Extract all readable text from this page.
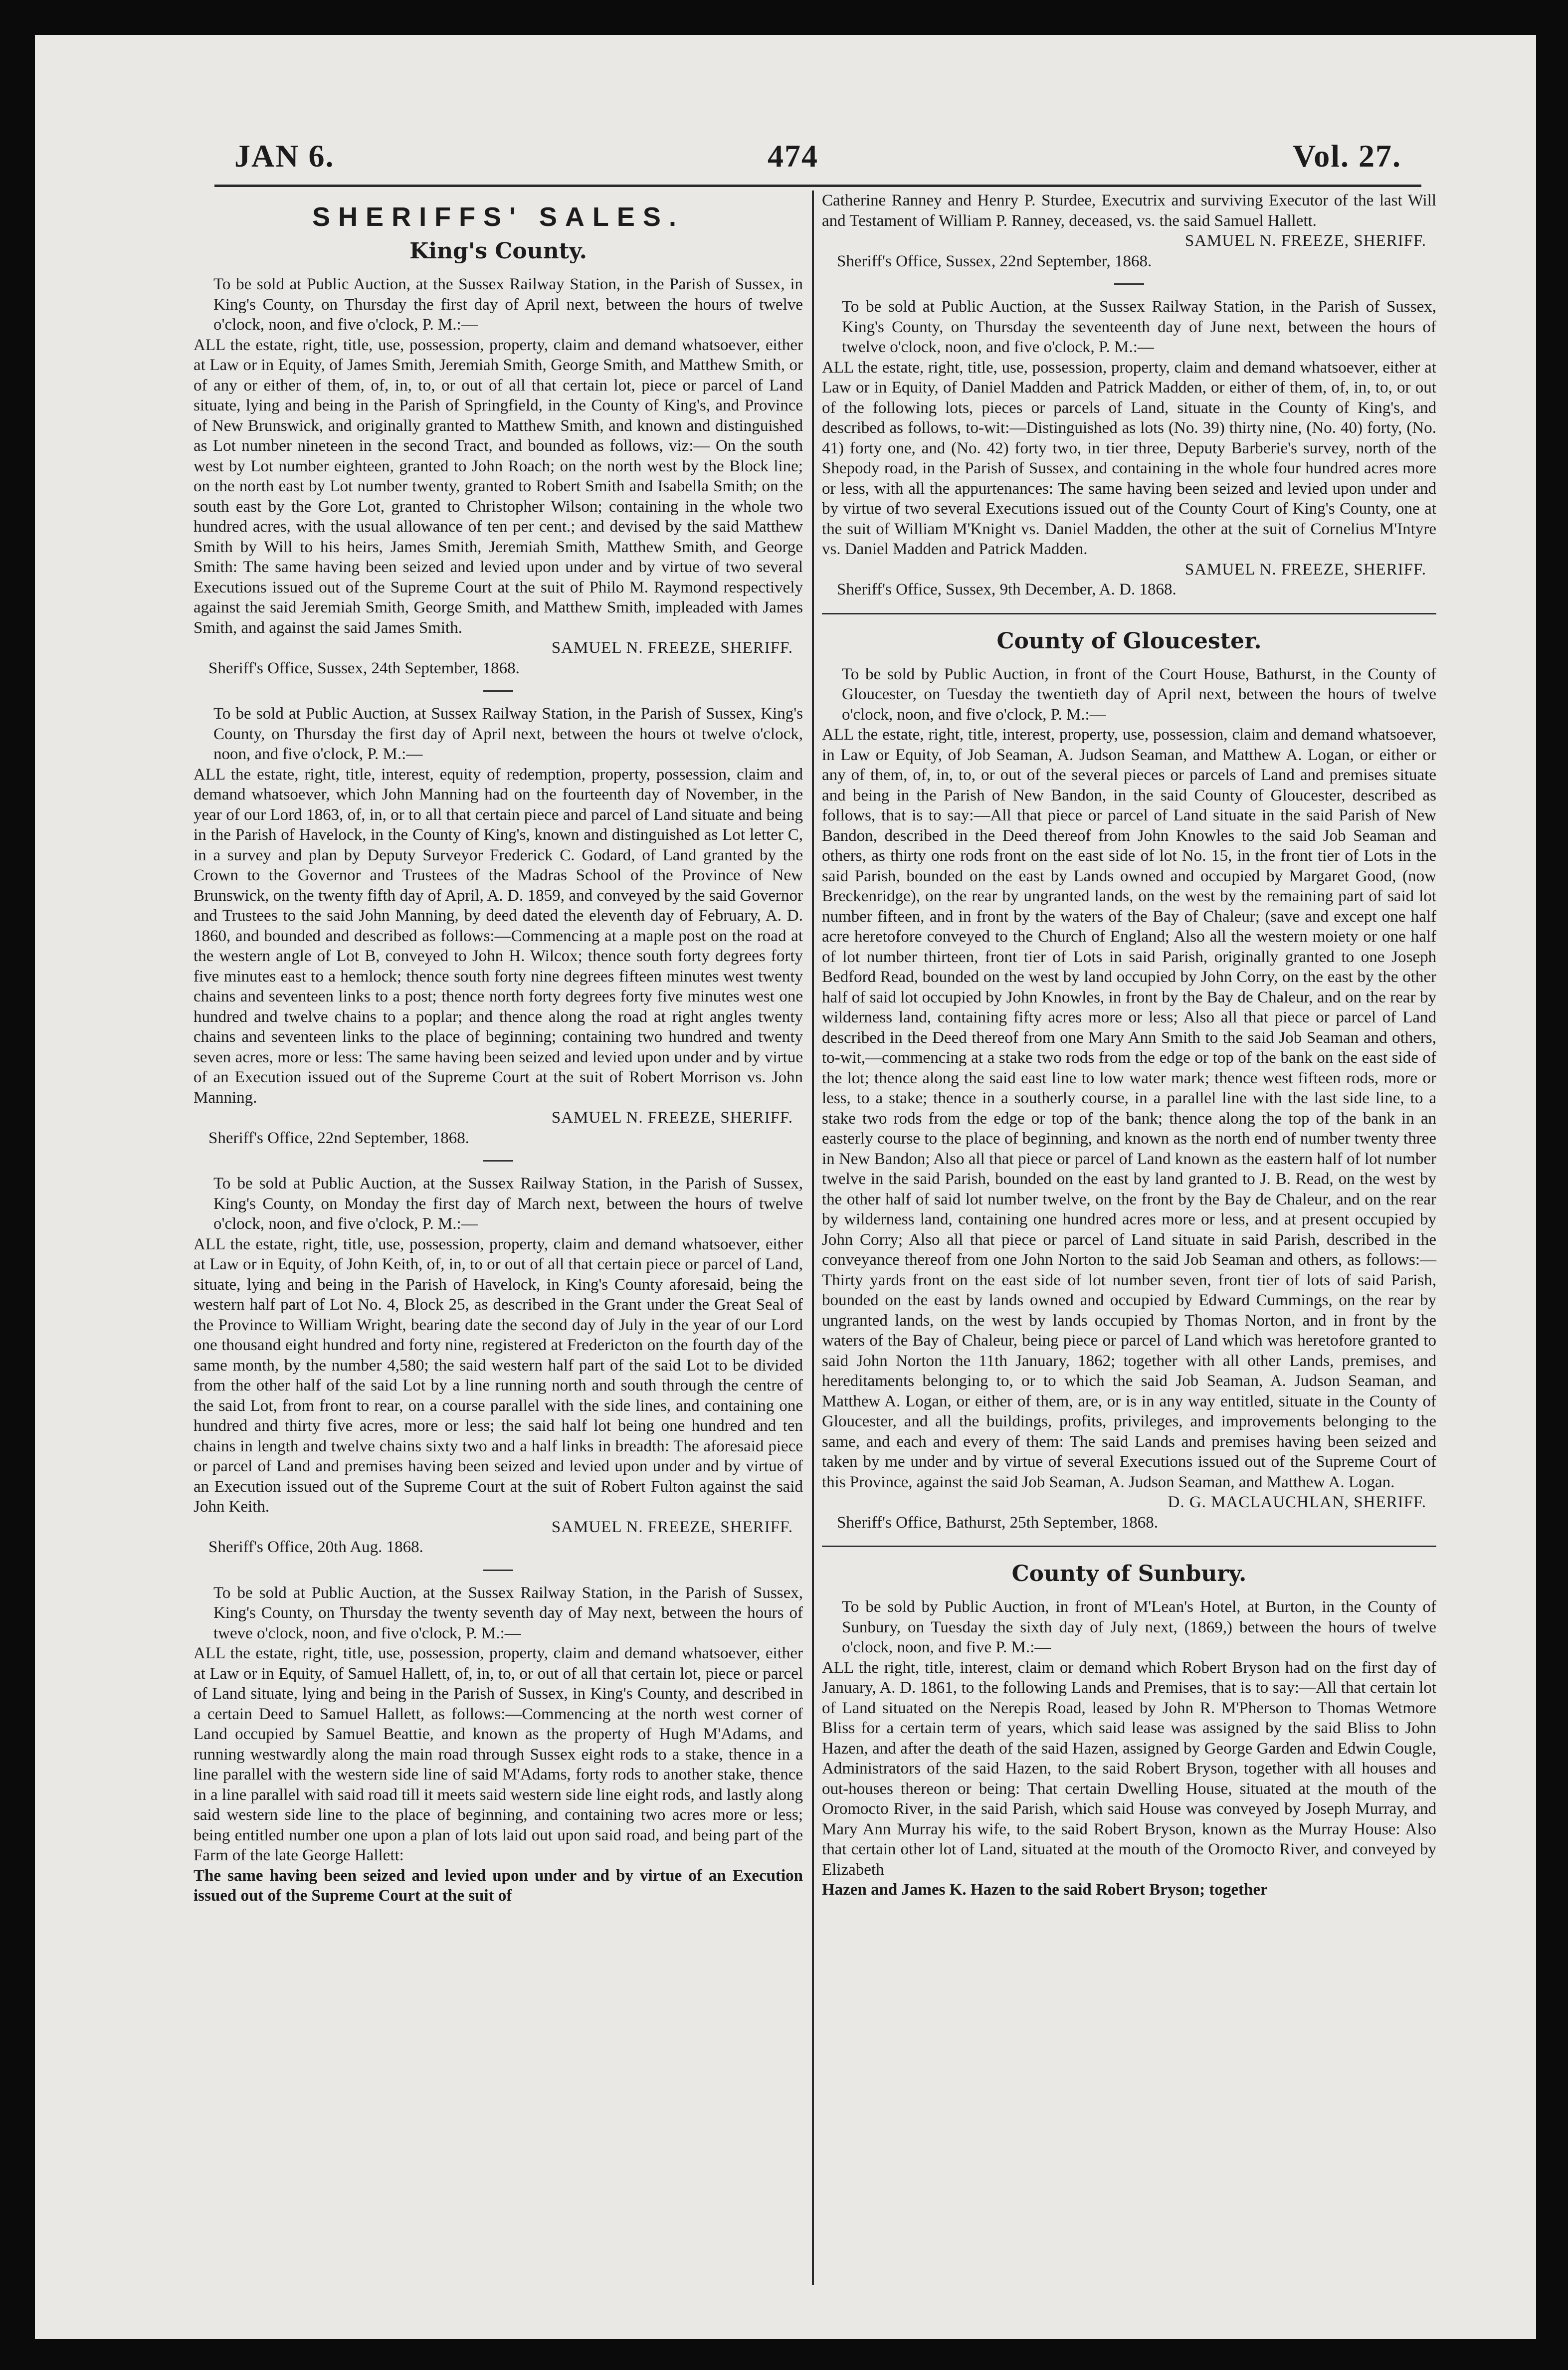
JAN 6.	474	Vol. 27.

SHERIFFS' SALES.

King's County.

To be sold at Public Auction, at the Sussex Railway Station, in the Parish of Sussex, in King's County, on Thursday the first day of April next, between the hours of twelve o'clock, noon, and five o'clock, P. M.:—

ALL the estate, right, title, use, possession, property, claim and demand whatsoever, either at Law or in Equity, of James Smith, Jeremiah Smith, George Smith, and Matthew Smith, or of any or either of them, of, in, to, or out of all that certain lot, piece or parcel of Land situate, lying and being in the Parish of Springfield, in the County of King's, and Province of New Brunswick, and originally granted to Matthew Smith, and known and distinguished as Lot number nineteen in the second Tract, and bounded as follows, viz:— On the south west by Lot number eighteen, granted to John Roach; on the north west by the Block line; on the north east by Lot number twenty, granted to Robert Smith and Isabella Smith; on the south east by the Gore Lot, granted to Christopher Wilson; containing in the whole two hundred acres, with the usual allowance of ten per cent.; and devised by the said Matthew Smith by Will to his heirs, James Smith, Jeremiah Smith, Matthew Smith, and George Smith: The same having been seized and levied upon under and by virtue of two several Executions issued out of the Supreme Court at the suit of Philo M. Raymond respectively against the said Jeremiah Smith, George Smith, and Matthew Smith, impleaded with James Smith, and against the said James Smith.

SAMUEL N. FREEZE, SHERIFF.

Sheriff's Office, Sussex, 24th September, 1868.

To be sold at Public Auction, at Sussex Railway Station, in the Parish of Sussex, King's County, on Thursday the first day of April next, between the hours ot twelve o'clock, noon, and five o'clock, P. M.:—

ALL the estate, right, title, interest, equity of redemption, property, possession, claim and demand whatsoever, which John Manning had on the fourteenth day of November, in the year of our Lord 1863, of, in, or to all that certain piece and parcel of Land situate and being in the Parish of Havelock, in the County of King's, known and distinguished as Lot letter C, in a survey and plan by Deputy Surveyor Frederick C. Godard, of Land granted by the Crown to the Governor and Trustees of the Madras School of the Province of New Brunswick, on the twenty fifth day of April, A. D. 1859, and conveyed by the said Governor and Trustees to the said John Manning, by deed dated the eleventh day of February, A. D. 1860, and bounded and described as follows:—Commencing at a maple post on the road at the western angle of Lot B, conveyed to John H. Wilcox; thence south forty degrees forty five minutes east to a hemlock; thence south forty nine degrees fifteen minutes west twenty chains and seventeen links to a post; thence north forty degrees forty five minutes west one hundred and twelve chains to a poplar; and thence along the road at right angles twenty chains and seventeen links to the place of beginning; containing two hundred and twenty seven acres, more or less: The same having been seized and levied upon under and by virtue of an Execution issued out of the Supreme Court at the suit of Robert Morrison vs. John Manning.

SAMUEL N. FREEZE, SHERIFF.

Sheriff's Office, 22nd September, 1868.

To be sold at Public Auction, at the Sussex Railway Station, in the Parish of Sussex, King's County, on Monday the first day of March next, between the hours of twelve o'clock, noon, and five o'clock, P. M.:—

ALL the estate, right, title, use, possession, property, claim and demand whatsoever, either at Law or in Equity, of John Keith, of, in, to or out of all that certain piece or parcel of Land, situate, lying and being in the Parish of Havelock, in King's County aforesaid, being the western half part of Lot No. 4, Block 25, as described in the Grant under the Great Seal of the Province to William Wright, bearing date the second day of July in the year of our Lord one thousand eight hundred and forty nine, registered at Fredericton on the fourth day of the same month, by the number 4,580; the said western half part of the said Lot to be divided from the other half of the said Lot by a line running north and south through the centre of the said Lot, from front to rear, on a course parallel with the side lines, and containing one hundred and thirty five acres, more or less; the said half lot being one hundred and ten chains in length and twelve chains sixty two and a half links in breadth: The aforesaid piece or parcel of Land and premises having been seized and levied upon under and by virtue of an Execution issued out of the Supreme Court at the suit of Robert Fulton against the said John Keith.

SAMUEL N. FREEZE, SHERIFF.

Sheriff's Office, 20th Aug. 1868.

To be sold at Public Auction, at the Sussex Railway Station, in the Parish of Sussex, King's County, on Thursday the twenty seventh day of May next, between the hours of tweve o'clock, noon, and five o'clock, P. M.:—

ALL the estate, right, title, use, possession, property, claim and demand whatsoever, either at Law or in Equity, of Samuel Hallett, of, in, to, or out of all that certain lot, piece or parcel of Land situate, lying and being in the Parish of Sussex, in King's County, and described in a certain Deed to Samuel Hallett, as follows:—Commencing at the north west corner of Land occupied by Samuel Beattie, and known as the property of Hugh M'Adams, and running westwardly along the main road through Sussex eight rods to a stake, thence in a line parallel with the western side line of said M'Adams, forty rods to another stake, thence in a line parallel with said road till it meets said western side line eight rods, and lastly along said western side line to the place of beginning, and containing two acres more or less; being entitled number one upon a plan of lots laid out upon said road, and being part of the Farm of the late George Hallett:

The same having been seized and levied upon under and by virtue of an Execution issued out of the Supreme Court at the suit of

Catherine Ranney and Henry P. Sturdee, Executrix and surviving Executor of the last Will and Testament of William P. Ranney, deceased, vs. the said Samuel Hallett.

SAMUEL N. FREEZE, SHERIFF.

Sheriff's Office, Sussex, 22nd September, 1868.

To be sold at Public Auction, at the Sussex Railway Station, in the Parish of Sussex, King's County, on Thursday the seventeenth day of June next, between the hours of twelve o'clock, noon, and five o'clock, P. M.:—

ALL the estate, right, title, use, possession, property, claim and demand whatsoever, either at Law or in Equity, of Daniel Madden and Patrick Madden, or either of them, of, in, to, or out of the following lots, pieces or parcels of Land, situate in the County of King's, and described as follows, to-wit:—Distinguished as lots (No. 39) thirty nine, (No. 40) forty, (No. 41) forty one, and (No. 42) forty two, in tier three, Deputy Barberie's survey, north of the Shepody road, in the Parish of Sussex, and containing in the whole four hundred acres more or less, with all the appurtenances: The same having been seized and levied upon under and by virtue of two several Executions issued out of the County Court of King's County, one at the suit of William M'Knight vs. Daniel Madden, the other at the suit of Cornelius M'Intyre vs. Daniel Madden and Patrick Madden.

SAMUEL N. FREEZE, SHERIFF.

Sheriff's Office, Sussex, 9th December, A. D. 1868.

County of Gloucester.

To be sold by Public Auction, in front of the Court House, Bathurst, in the County of Gloucester, on Tuesday the twentieth day of April next, between the hours of twelve o'clock, noon, and five o'clock, P. M.:—

ALL the estate, right, title, interest, property, use, possession, claim and demand whatsoever, in Law or Equity, of Job Seaman, A. Judson Seaman, and Matthew A. Logan, or either or any of them, of, in, to, or out of the several pieces or parcels of Land and premises situate and being in the Parish of New Bandon, in the said County of Gloucester, described as follows, that is to say:—All that piece or parcel of Land situate in the said Parish of New Bandon, described in the Deed thereof from John Knowles to the said Job Seaman and others, as thirty one rods front on the east side of lot No. 15, in the front tier of Lots in the said Parish, bounded on the east by Lands owned and occupied by Margaret Good, (now Breckenridge), on the rear by ungranted lands, on the west by the remaining part of said lot number fifteen, and in front by the waters of the Bay of Chaleur; (save and except one half acre heretofore conveyed to the Church of England; Also all the western moiety or one half of lot number thirteen, front tier of Lots in said Parish, originally granted to one Joseph Bedford Read, bounded on the west by land occupied by John Corry, on the east by the other half of said lot occupied by John Knowles, in front by the Bay de Chaleur, and on the rear by wilderness land, containing fifty acres more or less; Also all that piece or parcel of Land described in the Deed thereof from one Mary Ann Smith to the said Job Seaman and others, to-wit,—commencing at a stake two rods from the edge or top of the bank on the east side of the lot; thence along the said east line to low water mark; thence west fifteen rods, more or less, to a stake; thence in a southerly course, in a parallel line with the last side line, to a stake two rods from the edge or top of the bank; thence along the top of the bank in an easterly course to the place of beginning, and known as the north end of number twenty three in New Bandon; Also all that piece or parcel of Land known as the eastern half of lot number twelve in the said Parish, bounded on the east by land granted to J. B. Read, on the west by the other half of said lot number twelve, on the front by the Bay de Chaleur, and on the rear by wilderness land, containing one hundred acres more or less, and at present occupied by John Corry; Also all that piece or parcel of Land situate in said Parish, described in the conveyance thereof from one John Norton to the said Job Seaman and others, as follows:—Thirty yards front on the east side of lot number seven, front tier of lots of said Parish, bounded on the east by lands owned and occupied by Edward Cummings, on the rear by ungranted lands, on the west by lands occupied by Thomas Norton, and in front by the waters of the Bay of Chaleur, being piece or parcel of Land which was heretofore granted to said John Norton the 11th January, 1862; together with all other Lands, premises, and hereditaments belonging to, or to which the said Job Seaman, A. Judson Seaman, and Matthew A. Logan, or either of them, are, or is in any way entitled, situate in the County of Gloucester, and all the buildings, profits, privileges, and improvements belonging to the same, and each and every of them: The said Lands and premises having been seized and taken by me under and by virtue of several Executions issued out of the Supreme Court of this Province, against the said Job Seaman, A. Judson Seaman, and Matthew A. Logan.

D. G. MACLAUCHLAN, SHERIFF.

Sheriff's Office, Bathurst, 25th September, 1868.

County of Sunbury.

To be sold by Public Auction, in front of M'Lean's Hotel, at Burton, in the County of Sunbury, on Tuesday the sixth day of July next, (1869,) between the hours of twelve o'clock, noon, and five P. M.:—

ALL the right, title, interest, claim or demand which Robert Bryson had on the first day of January, A. D. 1861, to the following Lands and Premises, that is to say:—All that certain lot of Land situated on the Nerepis Road, leased by John R. M'Pherson to Thomas Wetmore Bliss for a certain term of years, which said lease was assigned by the said Bliss to John Hazen, and after the death of the said Hazen, assigned by George Garden and Edwin Cougle, Administrators of the said Hazen, to the said Robert Bryson, together with all houses and out-houses thereon or being: That certain Dwelling House, situated at the mouth of the Oromocto River, in the said Parish, which said House was conveyed by Joseph Murray, and Mary Ann Murray his wife, to the said Robert Bryson, known as the Murray House: Also that certain other lot of Land, situated at the mouth of the Oromocto River, and conveyed by Elizabeth

Hazen and James K. Hazen to the said Robert Bryson; together
